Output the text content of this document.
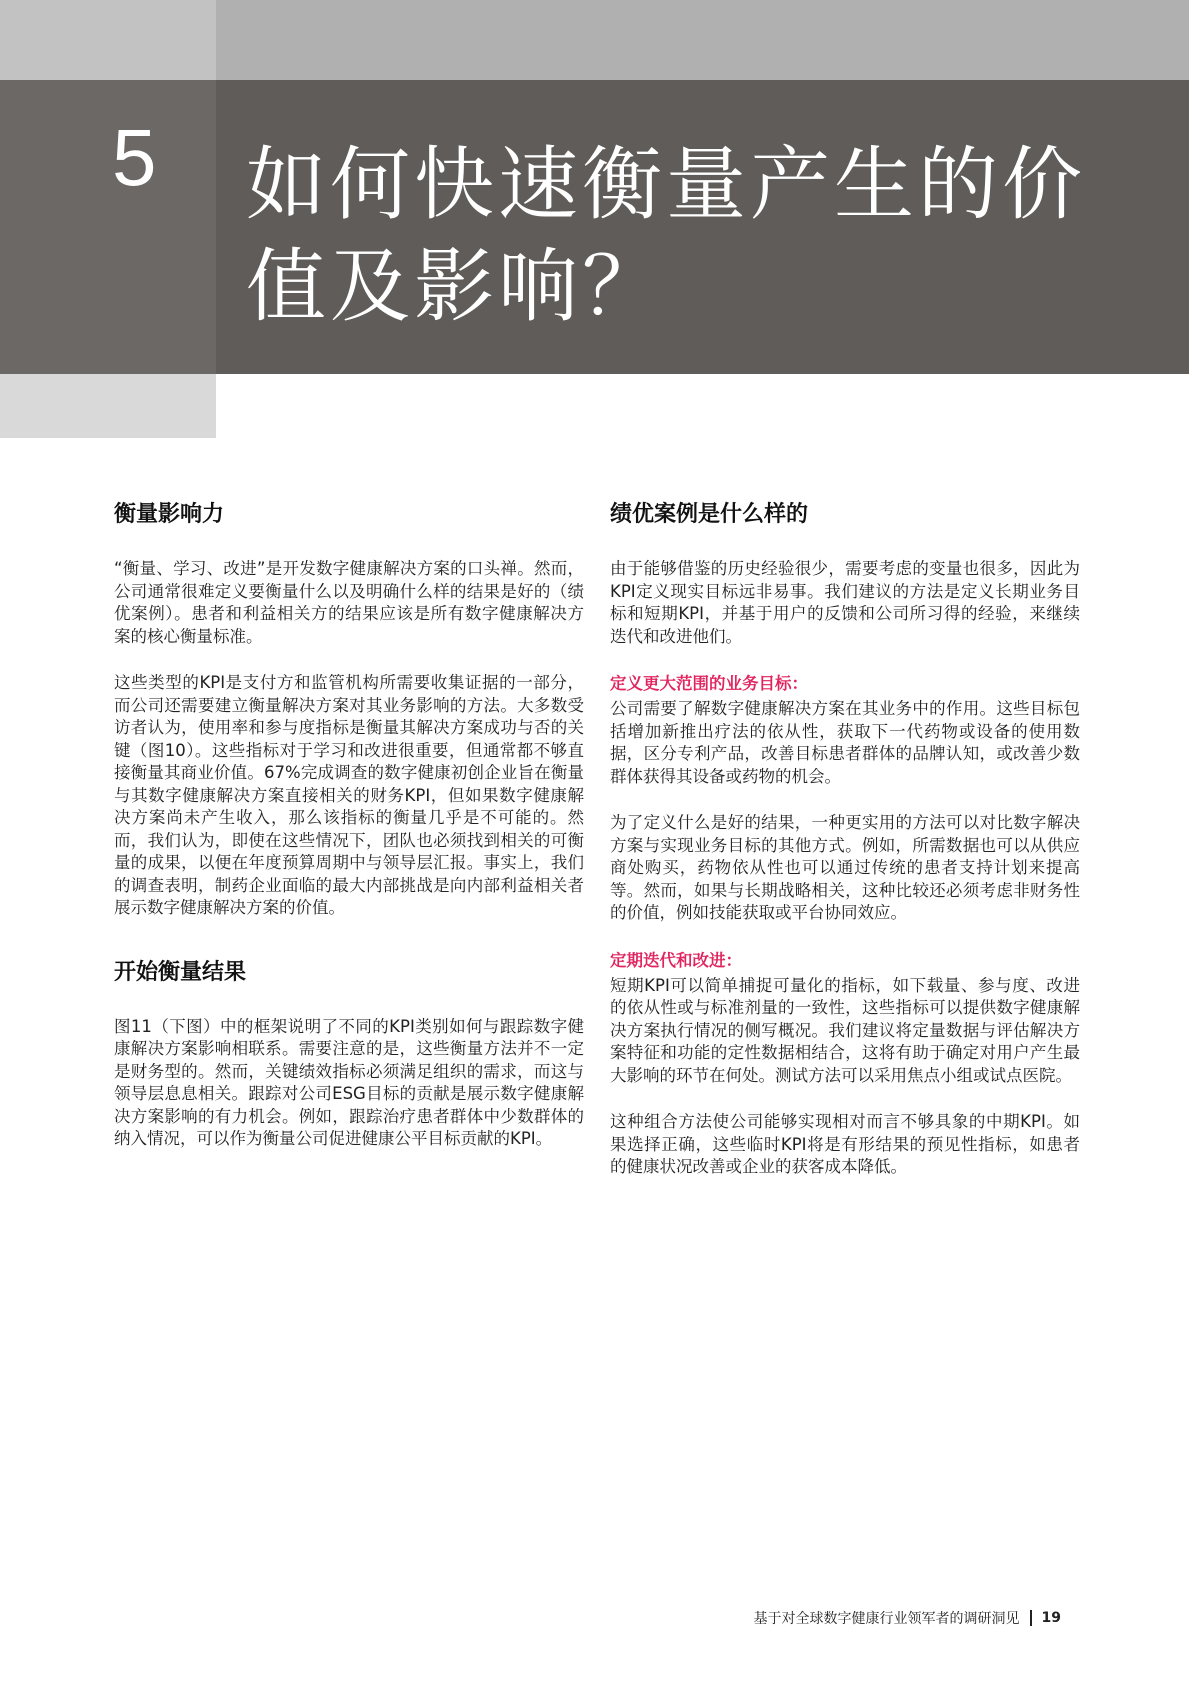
5 如何快速衡量产生的价值及影响？
衡量影响力

“衡量、学习、改进”是开发数字健康解决方案的口头禅。然而，公司通常很难定义要衡量什么以及明确什么样的结果是好的（绩优案例）。患者和利益相关方的结果应该是所有数字健康解决方案的核心衡量标准。

这些类型的KPI是支付方和监管机构所需要收集证据的一部分，而公司还需要建立衡量解决方案对其业务影响的方法。大多数受访者认为，使用率和参与度指标是衡量其解决方案成功与否的关键（图10）。这些指标对于学习和改进很重要，但通常都不够直接衡量其商业价值。67%完成调查的数字健康初创企业旨在衡量与其数字健康解决方案直接相关的财务KPI，但如果数字健康解决方案尚未产生收入，那么该指标的衡量几乎是不可能的。然而，我们认为，即使在这些情况下，团队也必须找到相关的可衡量的成果，以便在年度预算周期中与领导层汇报。事实上，我们的调查表明，制药企业面临的最大内部挑战是向内部利益相关者展示数字健康解决方案的价值。

开始衡量结果

图11（下图）中的框架说明了不同的KPI类别如何与跟踪数字健康解决方案影响相联系。需要注意的是，这些衡量方法并不一定是财务型的。然而，关键绩效指标必须满足组织的需求，而这与领导层息息相关。跟踪对公司ESG目标的贡献是展示数字健康解决方案影响的有力机会。例如，跟踪治疗患者群体中少数群体的纳入情况，可以作为衡量公司促进健康公平目标贡献的KPI。

绩优案例是什么样的

由于能够借鉴的历史经验很少，需要考虑的变量也很多，因此为KPI定义现实目标远非易事。我们建议的方法是定义长期业务目标和短期KPI，并基于用户的反馈和公司所习得的经验，来继续迭代和改进他们。

定义更大范围的业务目标：

公司需要了解数字健康解决方案在其业务中的作用。这些目标包括增加新推出疗法的依从性，获取下一代药物或设备的使用数据，区分专利产品，改善目标患者群体的品牌认知，或改善少数群体获得其设备或药物的机会。

为了定义什么是好的结果，一种更实用的方法可以对比数字解决方案与实现业务目标的其他方式。例如，所需数据也可以从供应商处购买，药物依从性也可以通过传统的患者支持计划来提高等。然而，如果与长期战略相关，这种比较还必须考虑非财务性的价值，例如技能获取或平台协同效应。

定期迭代和改进：

短期KPI可以简单捕捉可量化的指标，如下载量、参与度、改进的依从性或与标准剂量的一致性，这些指标可以提供数字健康解决方案执行情况的侧写概况。我们建议将定量数据与评估解决方案特征和功能的定性数据相结合，这将有助于确定对用户产生最大影响的环节在何处。测试方法可以采用焦点小组或试点医院。

这种组合方法使公司能够实现相对而言不够具象的中期KPI。如果选择正确，这些临时KPI将是有形结果的预见性指标，如患者的健康状况改善或企业的获客成本降低。

基于对全球数字健康行业领军者的调研洞见 19
